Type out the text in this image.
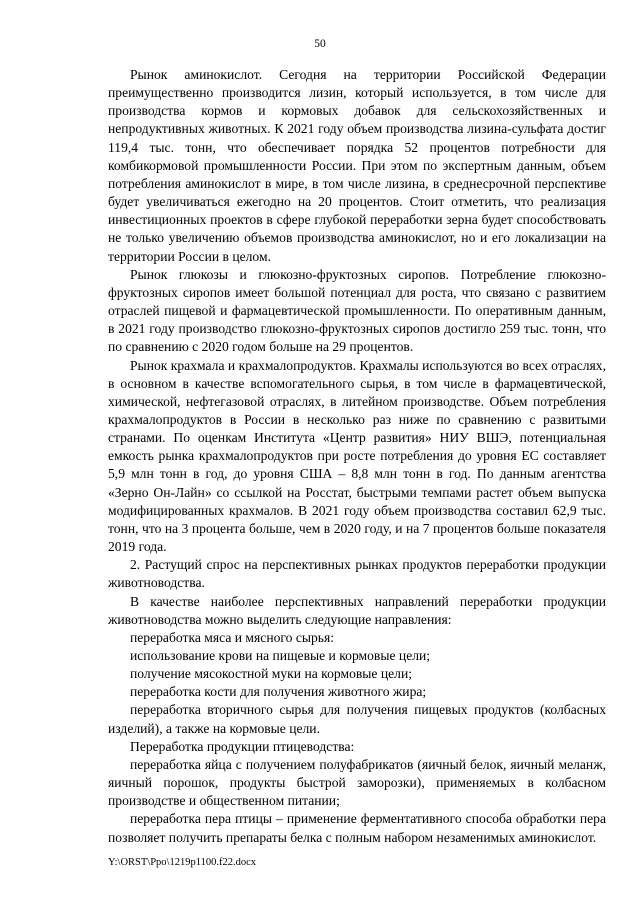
50

Рынок аминокислот. Сегодня на территории Российской Федерации преимущественно производится лизин, который используется, в том числе для производства кормов и кормовых добавок для сельскохозяйственных и непродуктивных животных. К 2021 году объем производства лизина-сульфата достиг 119,4 тыс. тонн, что обеспечивает порядка 52 процентов потребности для комбикормовой промышленности России. При этом по экспертным данным, объем потребления аминокислот в мире, в том числе лизина, в среднесрочной перспективе будет увеличиваться ежегодно на 20 процентов. Стоит отметить, что реализация инвестиционных проектов в сфере глубокой переработки зерна будет способствовать не только увеличению объемов производства аминокислот, но и его локализации на территории России в целом.

Рынок глюкозы и глюкозно-фруктозных сиропов. Потребление глюкозно-фруктозных сиропов имеет большой потенциал для роста, что связано с развитием отраслей пищевой и фармацевтической промышленности. По оперативным данным, в 2021 году производство глюкозно-фруктозных сиропов достигло 259 тыс. тонн, что по сравнению с 2020 годом больше на 29 процентов.

Рынок крахмала и крахмалопродуктов. Крахмалы используются во всех отраслях, в основном в качестве вспомогательного сырья, в том числе в фармацевтической, химической, нефтегазовой отраслях, в литейном производстве. Объем потребления крахмалопродуктов в России в несколько раз ниже по сравнению с развитыми странами. По оценкам Института «Центр развития» НИУ ВШЭ, потенциальная емкость рынка крахмалопродуктов при росте потребления до уровня ЕС составляет 5,9 млн тонн в год, до уровня США – 8,8 млн тонн в год. По данным агентства «Зерно Он-Лайн» со ссылкой на Росстат, быстрыми темпами растет объем выпуска модифицированных крахмалов. В 2021 году объем производства составил 62,9 тыс. тонн, что на 3 процента больше, чем в 2020 году, и на 7 процентов больше показателя 2019 года.

2. Растущий спрос на перспективных рынках продуктов переработки продукции животноводства.

В качестве наиболее перспективных направлений переработки продукции животноводства можно выделить следующие направления:

переработка мяса и мясного сырья:

использование крови на пищевые и кормовые цели;

получение мясокостной муки на кормовые цели;

переработка кости для получения животного жира;

переработка вторичного сырья для получения пищевых продуктов (колбасных изделий), а также на кормовые цели.

Переработка продукции птицеводства:

переработка яйца с получением полуфабрикатов (яичный белок, яичный меланж, яичный порошок, продукты быстрой заморозки), применяемых в колбасном производстве и общественном питании;

переработка пера птицы – применение ферментативного способа обработки пера позволяет получить препараты белка с полным набором незаменимых аминокислот.

Y:\ORST\Ppo\1219p1100.f22.docx
